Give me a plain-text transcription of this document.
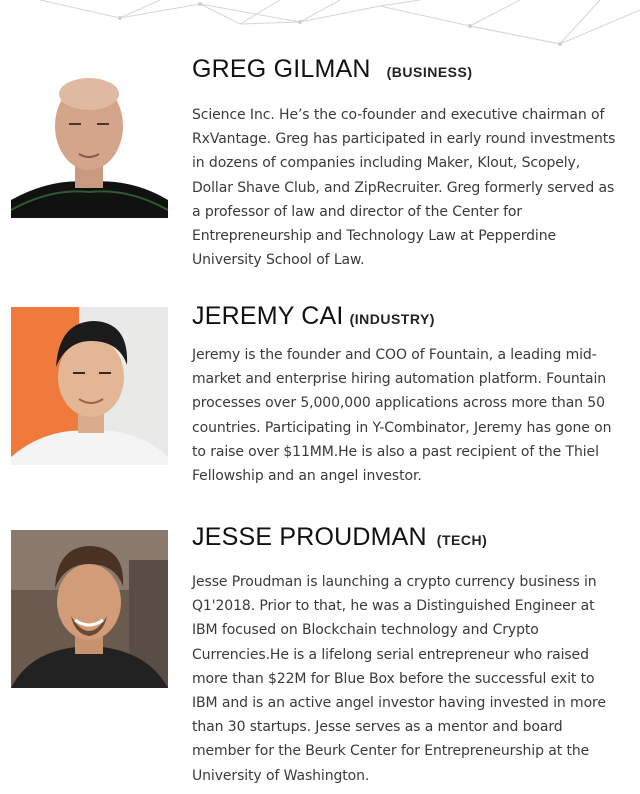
GREG GILMAN (BUSINESS)

Science Inc. He’s the co-founder and executive chairman of RxVantage. Greg has participated in early round investments in dozens of companies including Maker, Klout, Scopely, Dollar Shave Club, and ZipRecruiter. Greg formerly served as a professor of law and director of the Center for Entrepreneurship and Technology Law at Pepperdine University School of Law.

JEREMY CAI (INDUSTRY)

Jeremy is the founder and COO of Fountain, a leading mid-market and enterprise hiring automation platform. Fountain processes over 5,000,000 applications across more than 50 countries. Participating in Y-Combinator, Jeremy has gone on to raise over $11MM.He is also a past recipient of the Thiel Fellowship and an angel investor.

JESSE PROUDMAN (TECH)

Jesse Proudman is launching a crypto currency business in Q1'2018. Prior to that, he was a Distinguished Engineer at IBM focused on Blockchain technology and Crypto Currencies.He is a lifelong serial entrepreneur who raised more than $22M for Blue Box before the successful exit to IBM and is an active angel investor having invested in more than 30 startups. Jesse serves as a mentor and board member for the Beurk Center for Entrepreneurship at the University of Washington.
